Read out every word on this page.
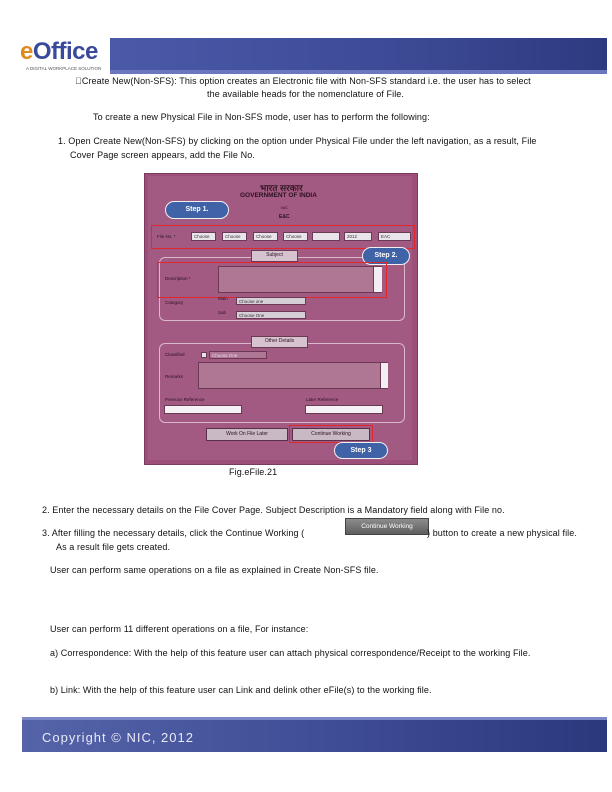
eOffice
A DIGITAL WORKPLACE SOLUTION
Create New(Non-SFS): This option creates an Electronic file with Non-SFS standard i.e. the user has to select
the available heads for the nomenclature of File.
To create a new Physical File in Non-SFS mode, user has to perform the following:
1. Open Create New(Non-SFS) by clicking on the option under Physical File under the left navigation, as a result, File
Cover Page screen appears, add the File No.
भारत सरकार
GOVERNMENT OF INDIA
NIC
E&C
Step 1.
File No. *	Choose	Choose	Choose	Choose	2012	EAC
Subject	Step 2.
Description *
Category
Main
Choose one
Sub
Choose One
Other Details
Classified	Choose One
Remarks
Previous Reference	Later Reference
Work On File Later	Continue Working
Step 3
Fig.eFile.21
2. Enter the necessary details on the File Cover Page. Subject Description is a Mandatory field along with File no.
3. After filling the necessary details, click the Continue Working (
Continue Working
) button to create a new physical file.
As a result file gets created.
User can perform same operations on a file as explained in Create Non-SFS file.
User can perform 11 different operations on a file, For instance:
a) Correspondence: With the help of this feature user can attach physical correspondence/Receipt to the working File.
b) Link: With the help of this feature user can Link and delink other eFile(s) to the working file.
Copyright © NIC, 2012
